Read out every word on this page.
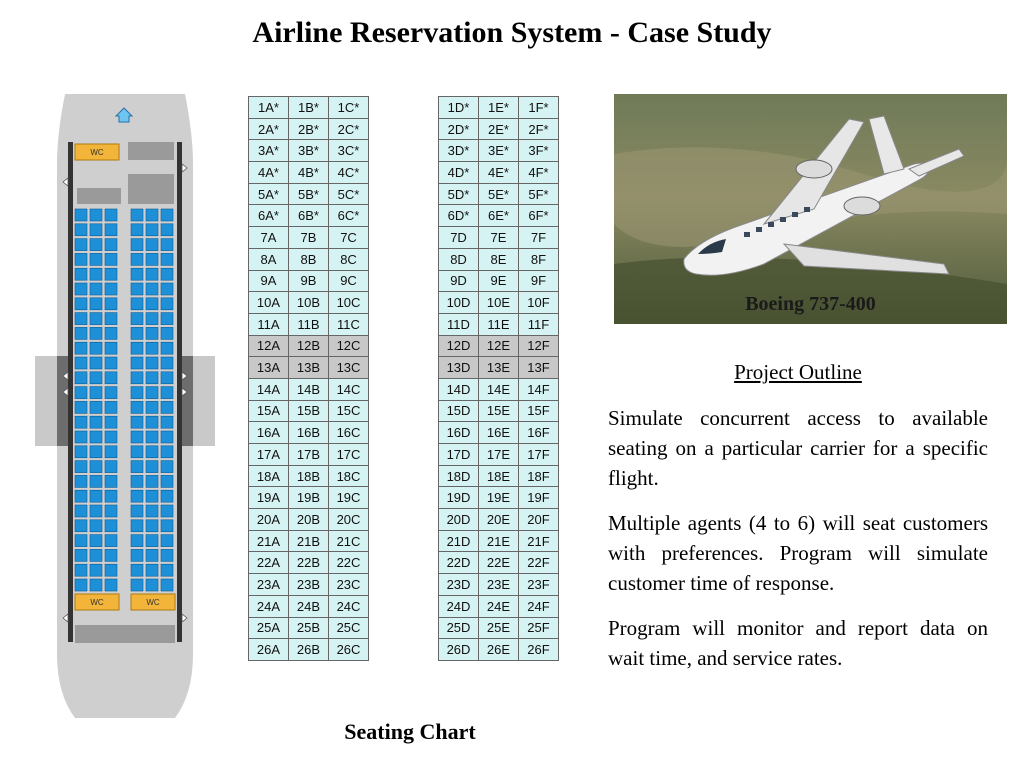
Airline Reservation System - Case Study
WC
WC	WC
1A*	1B*	1C*
2A*	2B*	2C*
3A*	3B*	3C*
4A*	4B*	4C*
5A*	5B*	5C*
6A*	6B*	6C*
7A	7B	7C
8A	8B	8C
9A	9B	9C
10A	10B	10C
11A	11B	11C
12A	12B	12C
13A	13B	13C
14A	14B	14C
15A	15B	15C
16A	16B	16C
17A	17B	17C
18A	18B	18C
19A	19B	19C
20A	20B	20C
21A	21B	21C
22A	22B	22C
23A	23B	23C
24A	24B	24C
25A	25B	25C
26A	26B	26C
1D*	1E*	1F*
2D*	2E*	2F*
3D*	3E*	3F*
4D*	4E*	4F*
5D*	5E*	5F*
6D*	6E*	6F*
7D	7E	7F
8D	8E	8F
9D	9E	9F
10D	10E	10F
11D	11E	11F
12D	12E	12F
13D	13E	13F
14D	14E	14F
15D	15E	15F
16D	16E	16F
17D	17E	17F
18D	18E	18F
19D	19E	19F
20D	20E	20F
21D	21E	21F
22D	22E	22F
23D	23E	23F
24D	24E	24F
25D	25E	25F
26D	26E	26F
Seating Chart
Boeing 737-400
Project Outline

Simulate concurrent access to available seating on a particular carrier for a specific flight.

Multiple agents (4 to 6) will seat customers with preferences. Program will simulate customer time of response.

Program will monitor and report data on wait time, and service rates.
